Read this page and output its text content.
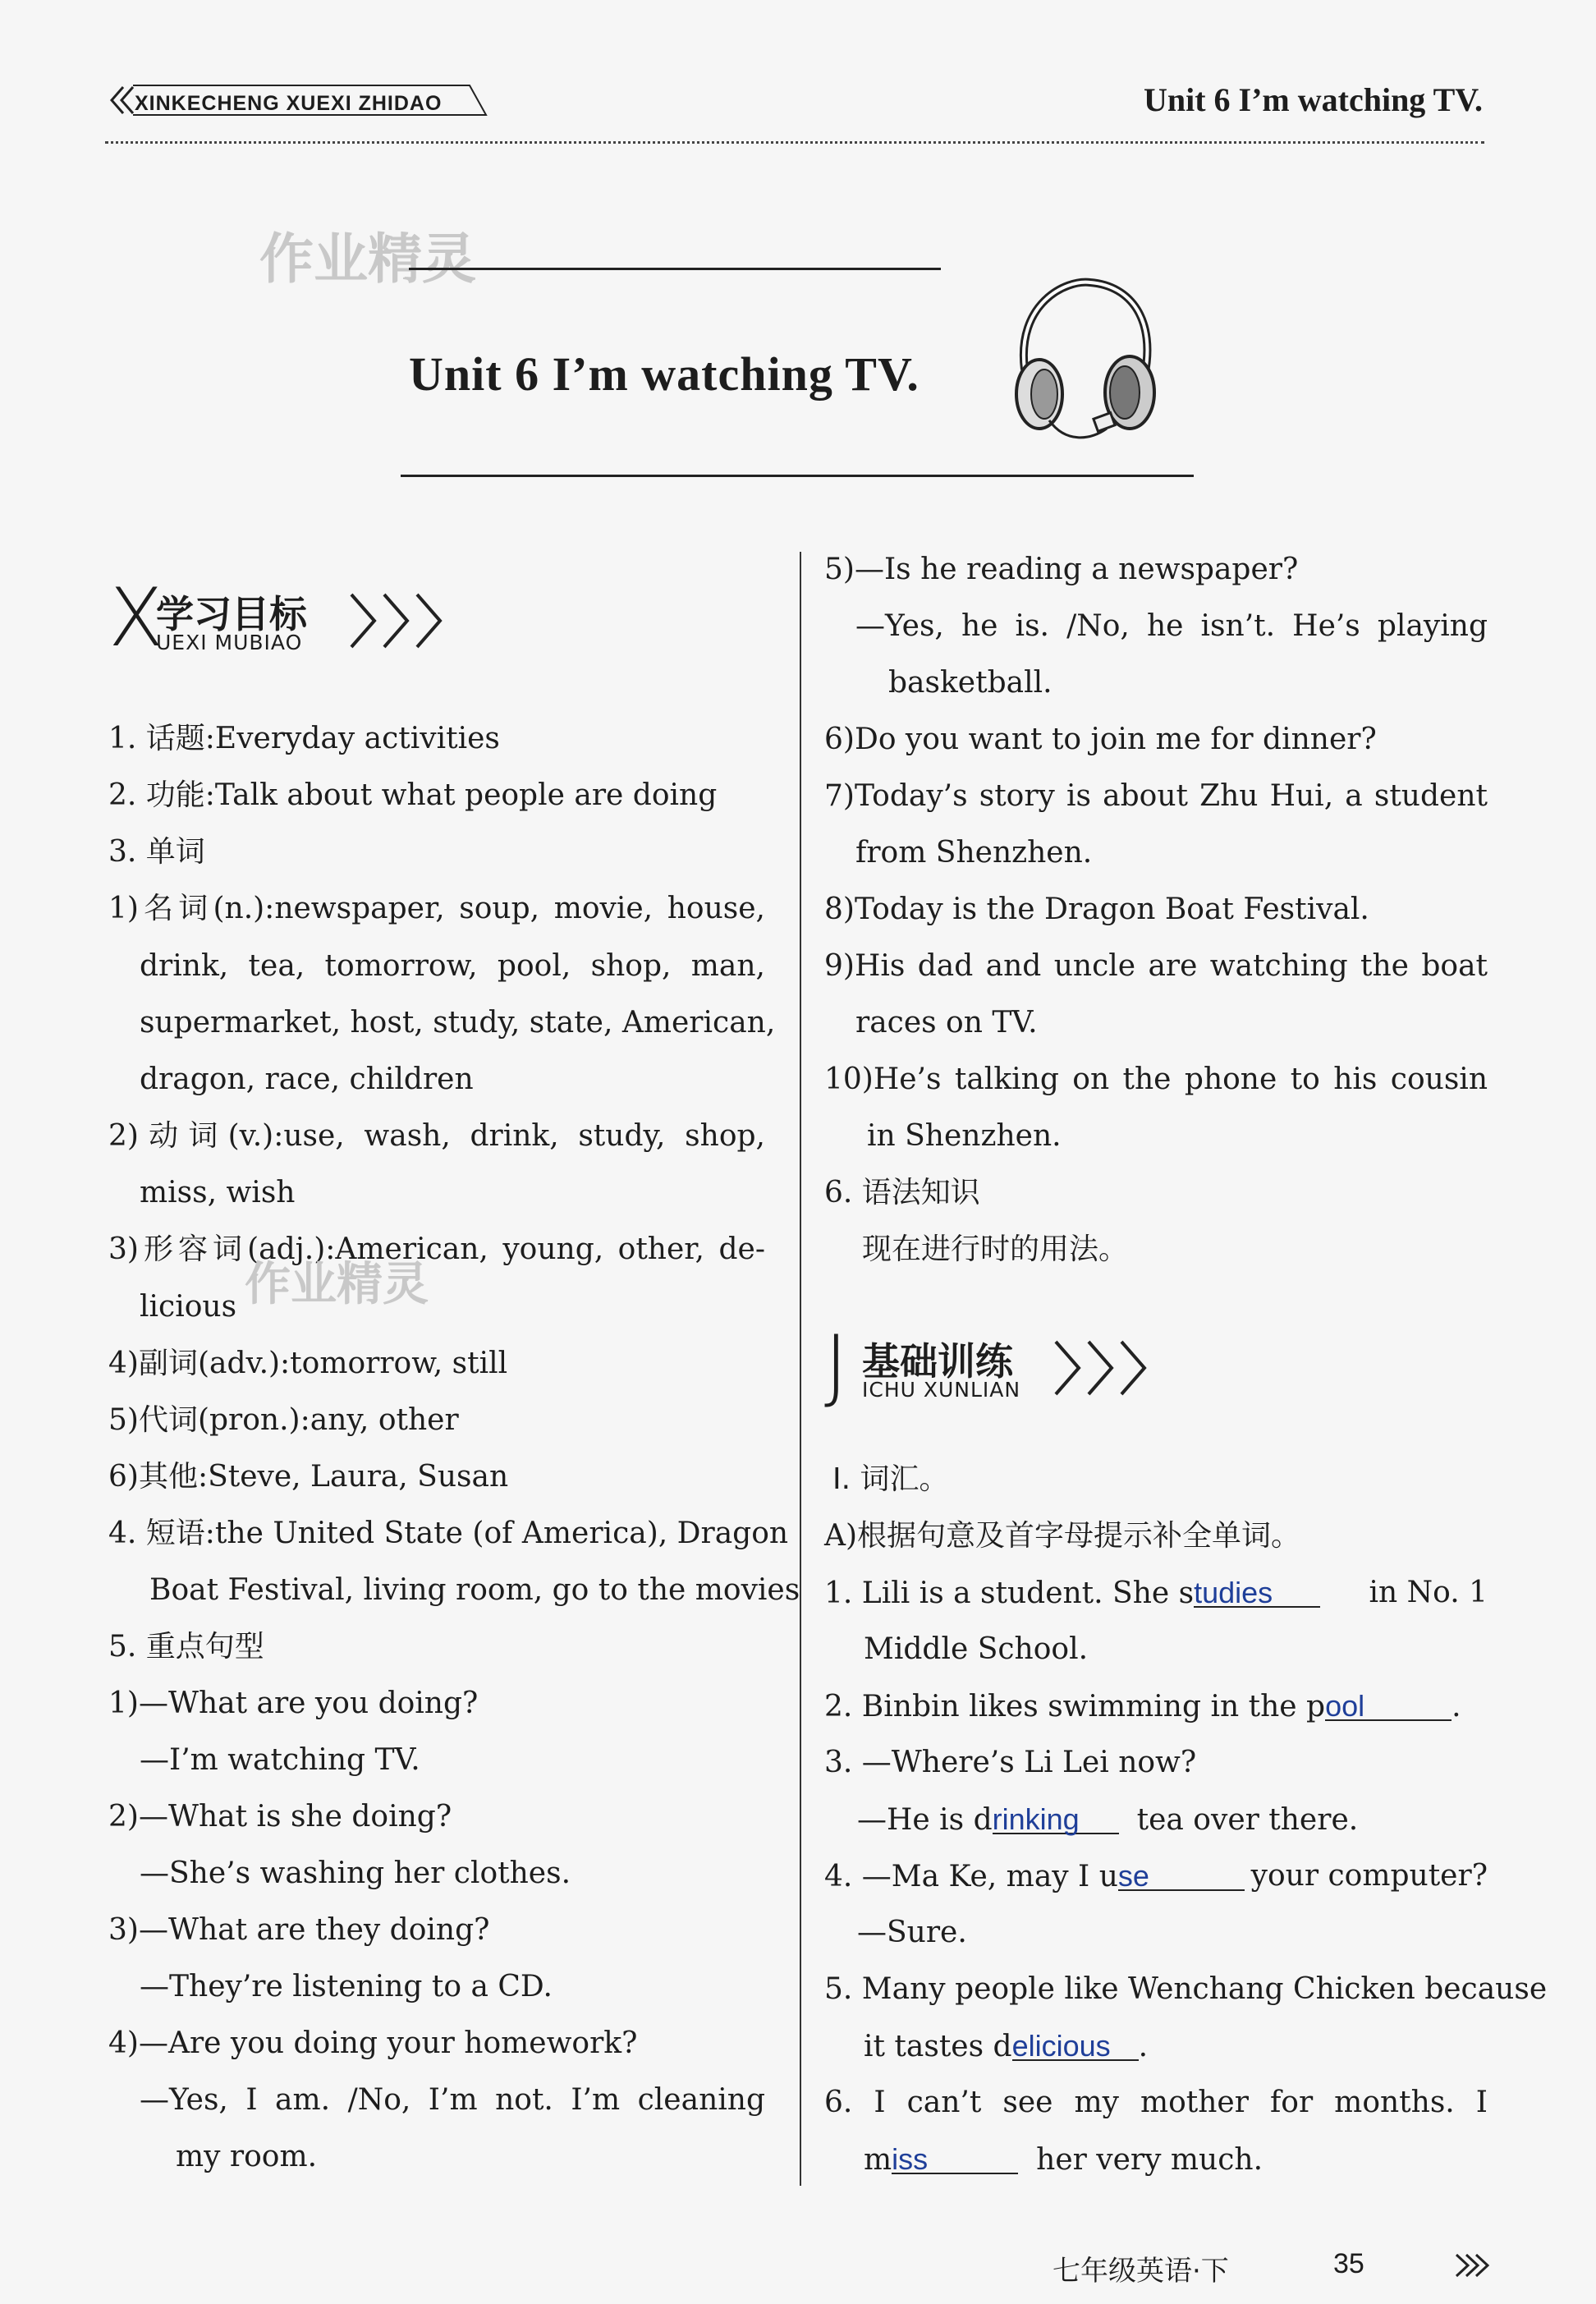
XINKECHENG XUEXI ZHIDAO	Unit 6 I’m watching TV.
作业精灵
Unit 6 I’m watching TV.
X
学习目标
UEXI MUBIAO
1. 话题:Everyday activities
2. 功能:Talk about what people are doing
3. 单词
1)名词(n.):newspaper, soup, movie, house,
drink, tea, tomorrow, pool, shop, man,
supermarket, host, study, state, American,
dragon, race, children
2)动词(v.):use, wash, drink, study, shop,
miss, wish
3)形容词(adj.):American, young, other, de-
licious
4)副词(adv.):tomorrow, still
5)代词(pron.):any, other
6)其他:Steve, Laura, Susan
4. 短语:the United State (of America), Dragon
Boat Festival, living room, go to the movies
5. 重点句型
1)—What are you doing?
—I’m watching TV.
2)—What is she doing?
—She’s washing her clothes.
3)—What are they doing?
—They’re listening to a CD.
4)—Are you doing your homework?
—Yes, I am. /No, I’m not. I’m cleaning
my room.
作业精灵
5)—Is he reading a newspaper?
—Yes, he is. /No, he isn’t. He’s playing
basketball.
6)Do you want to join me for dinner?
7)Today’s story is about Zhu Hui, a student
from Shenzhen.
8)Today is the Dragon Boat Festival.
9)His dad and uncle are watching the boat
races on TV.
10)He’s talking on the phone to his cousin
in Shenzhen.
6. 语法知识
现在进行时的用法。
J 基础训练
ICHU XUNLIAN
Ⅰ. 词汇。
A)根据句意及首字母提示补全单词。
1. Lili is a student. She studies	in No. 1
Middle School.
2. Binbin likes swimming in the pool	.
3. —Where’s Li Lei now?
—He is drinking tea over there.
4. —Ma Ke, may I use	your computer?
—Sure.
5. Many people like Wenchang Chicken because
it tastes delicious .
6. I can’t see my mother for months. I
miss	her very much.
七年级英语·下	35
